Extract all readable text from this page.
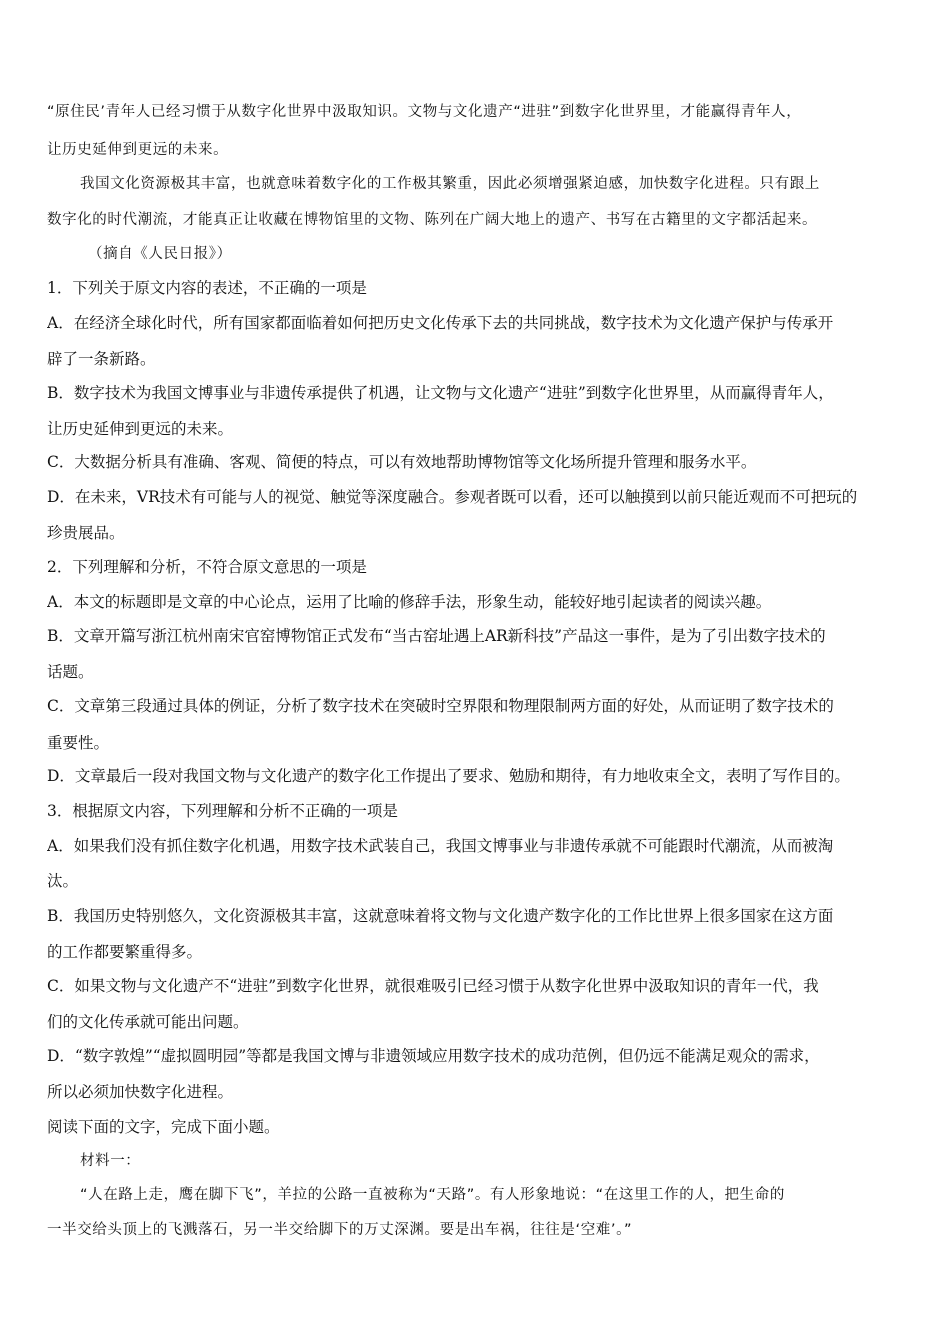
“原住民’青年人已经习惯于从数字化世界中汲取知识。文物与文化遗产“进驻”到数字化世界里，才能赢得青年人，
让历史延伸到更远的未来。
我国文化资源极其丰富，也就意味着数字化的工作极其繁重，因此必须增强紧迫感，加快数字化进程。只有跟上
数字化的时代潮流，才能真正让收藏在博物馆里的文物、陈列在广阔大地上的遗产、书写在古籍里的文字都活起来。
（摘自《人民日报》）
1．下列关于原文内容的表述，不正确的一项是
A．在经济全球化时代，所有国家都面临着如何把历史文化传承下去的共同挑战，数字技术为文化遗产保护与传承开
辟了一条新路。
B．数字技术为我国文博事业与非遗传承提供了机遇，让文物与文化遗产“进驻”到数字化世界里，从而赢得青年人，
让历史延伸到更远的未来。
C．大数据分析具有准确、客观、简便的特点，可以有效地帮助博物馆等文化场所提升管理和服务水平。
D．在未来，VR技术有可能与人的视觉、触觉等深度融合。参观者既可以看，还可以触摸到以前只能近观而不可把玩的
珍贵展品。
2．下列理解和分析，不符合原文意思的一项是
A．本文的标题即是文章的中心论点，运用了比喻的修辞手法，形象生动，能较好地引起读者的阅读兴趣。
B．文章开篇写浙江杭州南宋官窑博物馆正式发布“当古窑址遇上AR新科技”产品这一事件，是为了引出数字技术的
话题。
C．文章第三段通过具体的例证，分析了数字技术在突破时空界限和物理限制两方面的好处，从而证明了数字技术的
重要性。
D．文章最后一段对我国文物与文化遗产的数字化工作提出了要求、勉励和期待，有力地收束全文，表明了写作目的。
3．根据原文内容，下列理解和分析不正确的一项是
A．如果我们没有抓住数字化机遇，用数字技术武装自己，我国文博事业与非遗传承就不可能跟时代潮流，从而被淘
汰。
B．我国历史特别悠久，文化资源极其丰富，这就意味着将文物与文化遗产数字化的工作比世界上很多国家在这方面
的工作都要繁重得多。
C．如果文物与文化遗产不“进驻”到数字化世界，就很难吸引已经习惯于从数字化世界中汲取知识的青年一代，我
们的文化传承就可能出问题。
D．“数字敦煌”“虚拟圆明园”等都是我国文博与非遗领域应用数字技术的成功范例，但仍远不能满足观众的需求，
所以必须加快数字化进程。
阅读下面的文字，完成下面小题。
材料一：
“人在路上走，鹰在脚下飞”，羊拉的公路一直被称为“天路”。有人形象地说：“在这里工作的人，把生命的
一半交给头顶上的飞溅落石，另一半交给脚下的万丈深渊。要是出车祸，往往是‘空难’。”
